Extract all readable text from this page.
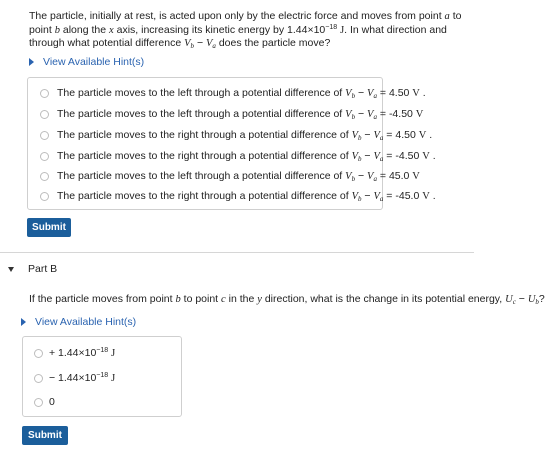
The particle, initially at rest, is acted upon only by the electric force and moves from point a to point b along the x axis, increasing its kinetic energy by $1.44\times 10^{-18}$ J. In what direction and through what potential difference $V_b - V_a$ does the particle move?
View Available Hint(s)
The particle moves to the left through a potential difference of $V_b - V_a = 4.50$ V .
The particle moves to the left through a potential difference of $V_b - V_a = -4.50$ V
The particle moves to the right through a potential difference of $V_b - V_a = 4.50$ V .
The particle moves to the right through a potential difference of $V_b - V_a = -4.50$ V .
The particle moves to the left through a potential difference of $V_b - V_a = 45.0$ V
The particle moves to the right through a potential difference of $V_b - V_a = -45.0$ V .
Submit
Part B
If the particle moves from point b to point c in the y direction, what is the change in its potential energy, $U_c - U_b$?
View Available Hint(s)
+ $1.44\times 10^{-18}$ J
− $1.44\times 10^{-18}$ J
0
Submit
